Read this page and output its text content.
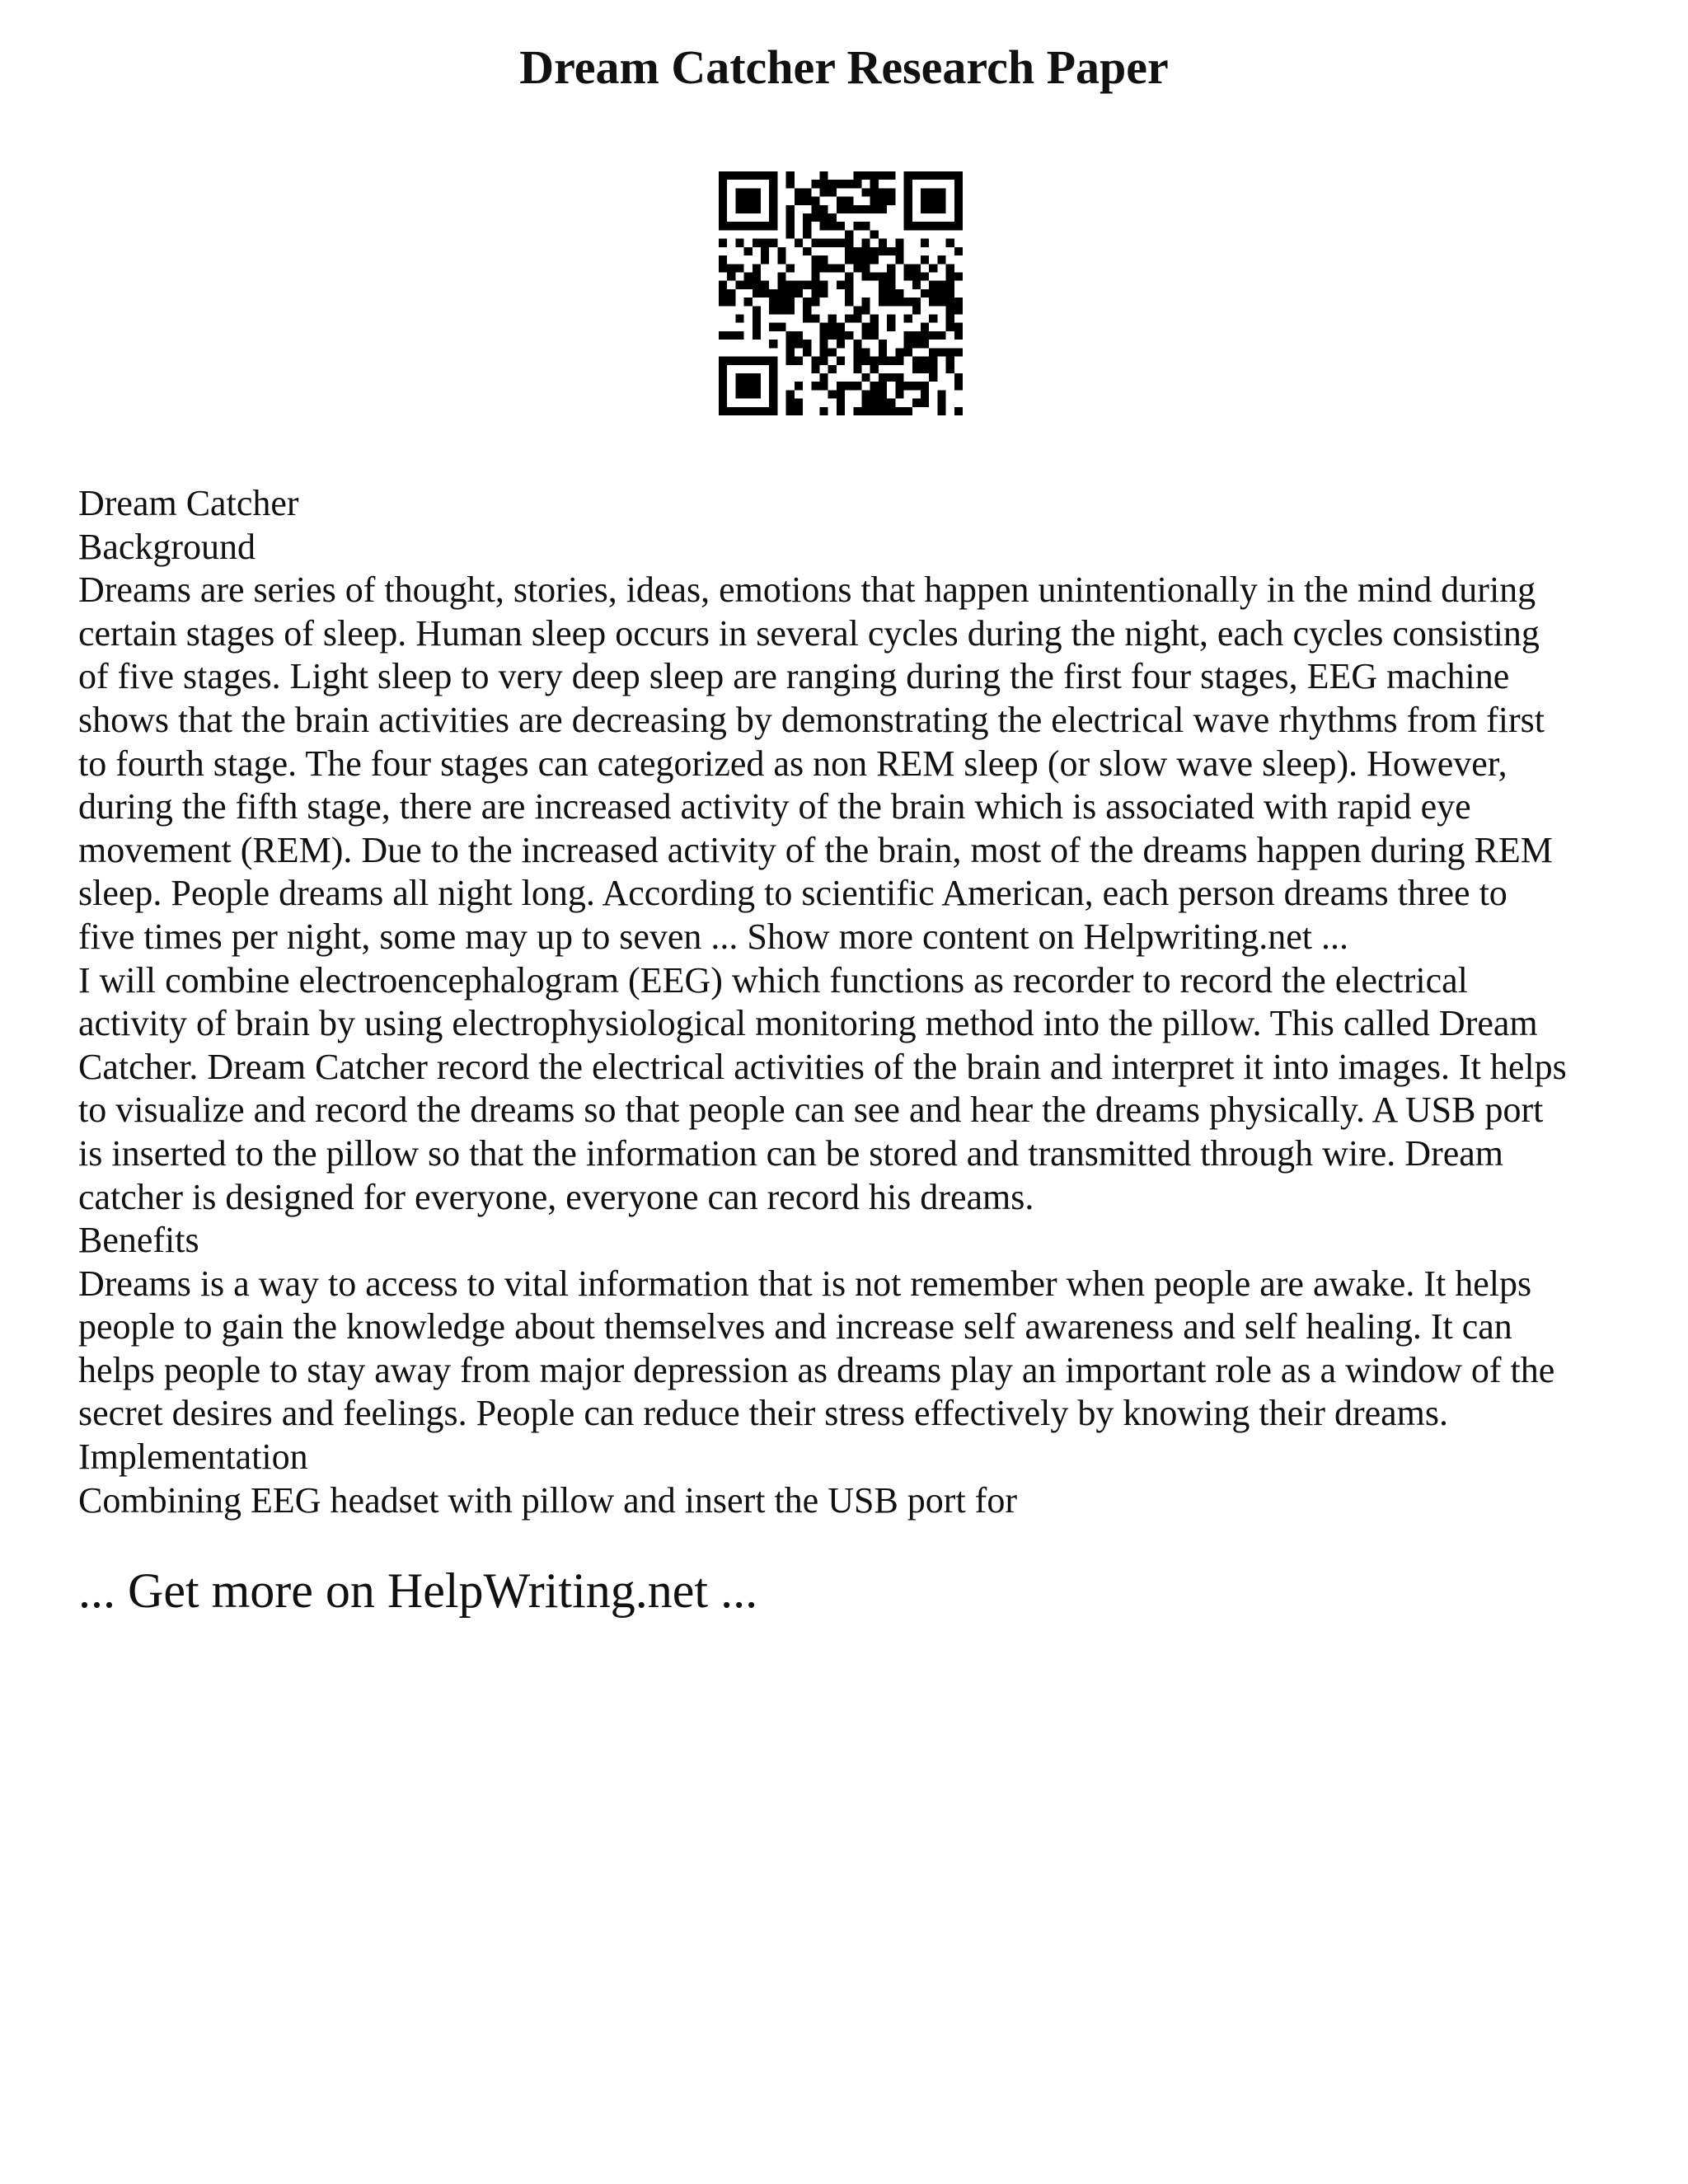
Dream Catcher Research Paper
Dream Catcher
Background
Dreams are series of thought, stories, ideas, emotions that happen unintentionally in the mind during
certain stages of sleep. Human sleep occurs in several cycles during the night, each cycles consisting
of five stages. Light sleep to very deep sleep are ranging during the first four stages, EEG machine
shows that the brain activities are decreasing by demonstrating the electrical wave rhythms from first
to fourth stage. The four stages can categorized as non REM sleep (or slow wave sleep). However,
during the fifth stage, there are increased activity of the brain which is associated with rapid eye
movement (REM). Due to the increased activity of the brain, most of the dreams happen during REM
sleep. People dreams all night long. According to scientific American, each person dreams three to
five times per night, some may up to seven ... Show more content on Helpwriting.net ...
I will combine electroencephalogram (EEG) which functions as recorder to record the electrical
activity of brain by using electrophysiological monitoring method into the pillow. This called Dream
Catcher. Dream Catcher record the electrical activities of the brain and interpret it into images. It helps
to visualize and record the dreams so that people can see and hear the dreams physically. A USB port
is inserted to the pillow so that the information can be stored and transmitted through wire. Dream
catcher is designed for everyone, everyone can record his dreams.
Benefits
Dreams is a way to access to vital information that is not remember when people are awake. It helps
people to gain the knowledge about themselves and increase self awareness and self healing. It can
helps people to stay away from major depression as dreams play an important role as a window of the
secret desires and feelings. People can reduce their stress effectively by knowing their dreams.
Implementation
Combining EEG headset with pillow and insert the USB port for

... Get more on HelpWriting.net ...
